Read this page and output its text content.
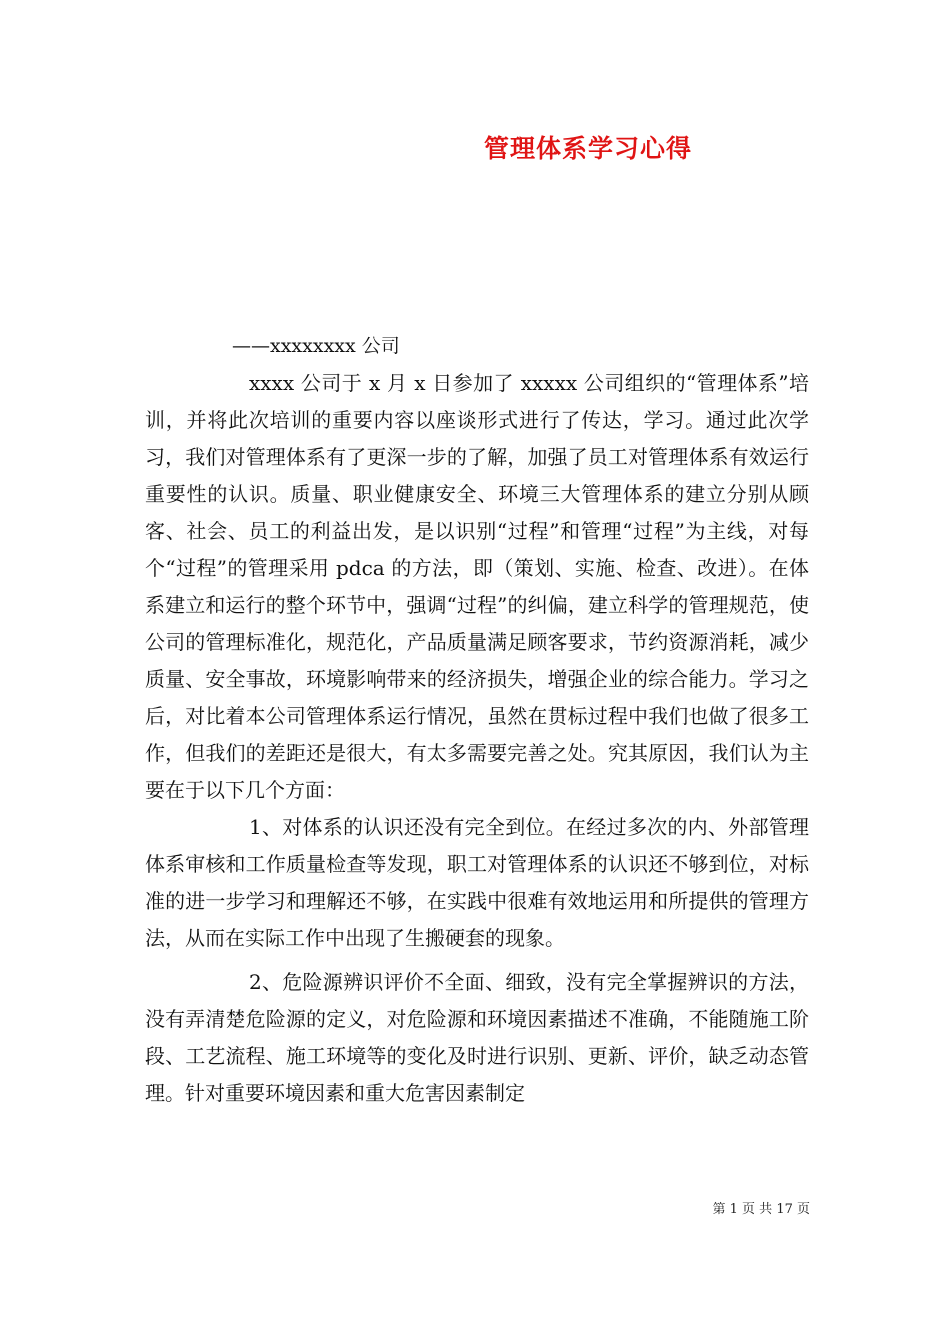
管理体系学习心得
——xxxxxxxx 公司

xxxx 公司于 x 月 x 日参加了 xxxxx 公司组织的“管理体系”培训，并将此次培训的重要内容以座谈形式进行了传达，学习。通过此次学习，我们对管理体系有了更深一步的了解，加强了员工对管理体系有效运行重要性的认识。质量、职业健康安全、环境三大管理体系的建立分别从顾客、社会、员工的利益出发，是以识别“过程”和管理“过程”为主线，对每个“过程”的管理采用 pdca 的方法，即（策划、实施、检查、改进）。在体系建立和运行的整个环节中，强调“过程”的纠偏，建立科学的管理规范，使公司的管理标准化，规范化，产品质量满足顾客要求，节约资源消耗，减少质量、安全事故，环境影响带来的经济损失，增强企业的综合能力。学习之后，对比着本公司管理体系运行情况，虽然在贯标过程中我们也做了很多工作，但我们的差距还是很大，有太多需要完善之处。究其原因，我们认为主要在于以下几个方面：

1、对体系的认识还没有完全到位。在经过多次的内、外部管理体系审核和工作质量检查等发现，职工对管理体系的认识还不够到位，对标准的进一步学习和理解还不够，在实践中很难有效地运用和所提供的管理方法，从而在实际工作中出现了生搬硬套的现象。

2、危险源辨识评价不全面、细致，没有完全掌握辨识的方法，没有弄清楚危险源的定义，对危险源和环境因素描述不准确，不能随施工阶段、工艺流程、施工环境等的变化及时进行识别、更新、评价，缺乏动态管理。针对重要环境因素和重大危害因素制定

第 1 页 共 17 页
